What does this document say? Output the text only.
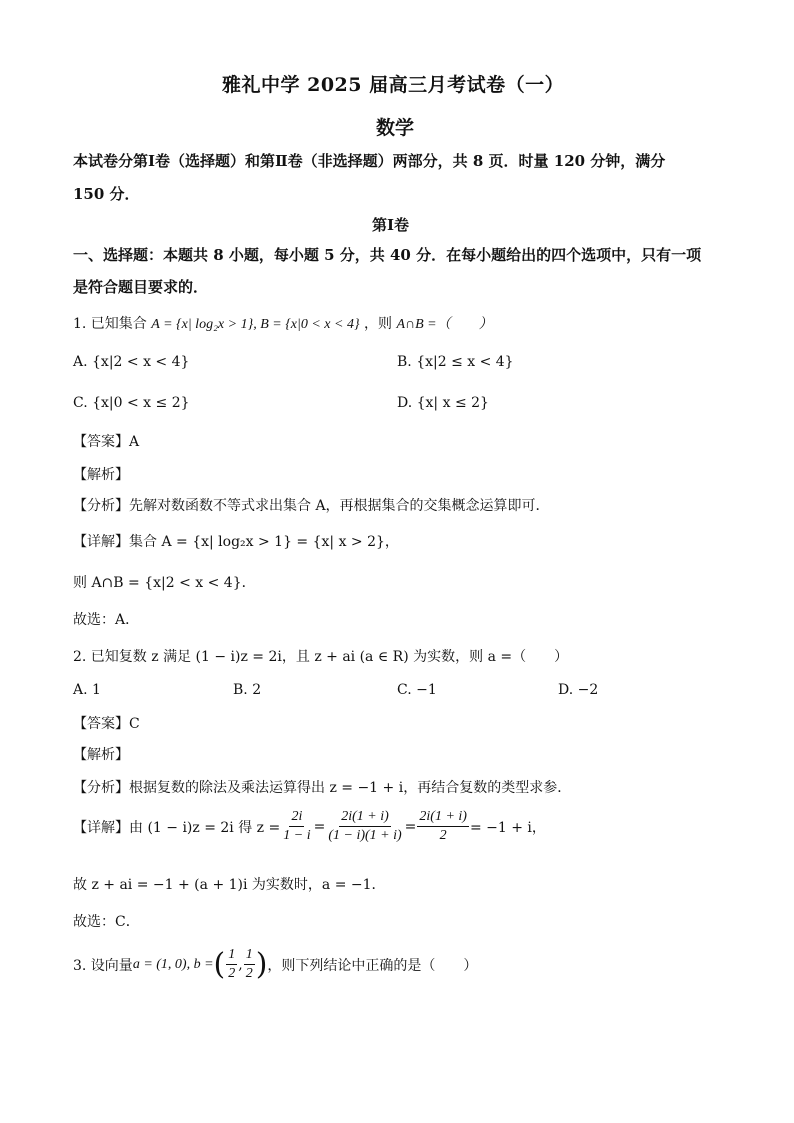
雅礼中学 2025 届高三月考试卷（一）
数学
本试卷分第Ⅰ卷（选择题）和第Ⅱ卷（非选择题）两部分，共 8 页．时量 120 分钟，满分
150 分．
第Ⅰ卷
一、选择题：本题共 8 小题，每小题 5 分，共 40 分．在每小题给出的四个选项中，只有一项
是符合题目要求的．
1. 已知集合 A = {x| log₂x > 1}, B = {x|0 < x < 4} ，则 A∩B =（　　）
A. {x|2 < x < 4}	B. {x|2 ≤ x < 4}
C. {x|0 < x ≤ 2}	D. {x| x ≤ 2}
【答案】A
【解析】
【分析】先解对数函数不等式求出集合 A，再根据集合的交集概念运算即可．
【详解】集合 A = {x| log₂x > 1} = {x| x > 2}，
则 A∩B = {x|2 < x < 4}．
故选：A．
2. 已知复数 z 满足 (1 − i)z = 2i，且 z + ai (a ∈ R) 为实数，则 a =（　　）
A. 1	B. 2	C. −1	D. −2
【答案】C
【解析】
【分析】根据复数的除法及乘法运算得出 z = −1 + i，再结合复数的类型求参．
【详解】 由 (1 − i)z = 2i 得 $z = \frac{2i}{1 - i} = \frac{2i(1 + i)}{(1 - i)(1 + i)} = \frac{2i(1 + i)}{2} = -1 + i$，
故 z + ai = −1 + (a + 1)i 为实数时，a = −1．
故选：C．
3. 设向量 a = (1, 0), b = ( $\frac{1}{2}$ , $\frac{1}{2}$ ) ，则下列结论中正确的是（　　）
